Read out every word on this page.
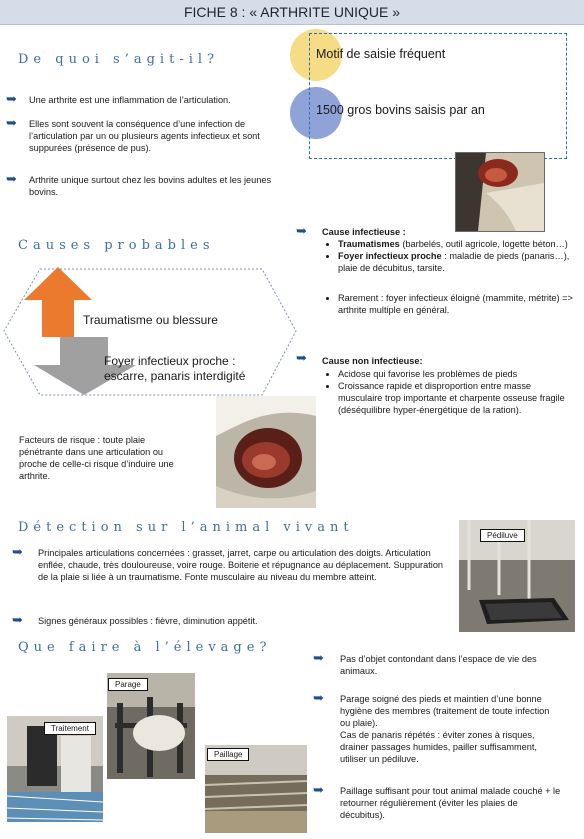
FICHE 8 : « ARTHRITE UNIQUE »
Motif de saisie fréquent
1500 gros bovins saisis par an
De quoi s’agit-il?
➥ Une arthrite est une inflammation de l’articulation.
➥ Elles sont souvent la conséquence d’une infection de l’articulation par un ou plusieurs agents infectieux et sont suppurées (présence de pus).
➥ Arthrite unique surtout chez les bovins adultes et les jeunes bovins.
Causes probables
Traumatisme ou blessure
Foyer infectieux proche : escarre, panaris interdigité
Facteurs de risque : toute plaie pénétrante dans une articulation ou proche de celle-ci risque d’induire une arthrite.
➥ Cause infectieuse :
• Traumatismes (barbelés, outil agricole, logette béton…)
• Foyer infectieux proche : maladie de pieds (panaris…), plaie de décubitus, tarsite.
• Rarement : foyer infectieux éloigné (mammite, métrite) => arthrite multiple en général.
➥ Cause non infectieuse:
• Acidose qui favorise les problèmes de pieds
• Croissance rapide et disproportion entre masse musculaire trop importante et charpente osseuse fragile (déséquilibre hyper-énergétique de la ration).
Détection sur l’animal vivant
Pédiluve
➥ Principales articulations concernées : grasset, jarret, carpe ou articulation des doigts. Articulation enflée, chaude, très douloureuse, voire rouge. Boiterie et répugnance au déplacement. Suppuration de la plaie si liée à un traumatisme. Fonte musculaire au niveau du membre atteint.
➥ Signes généraux possibles : fièvre, diminution appétit.
Que faire à l’élevage?
Traitement
Parage
Paillage
➥ Pas d’objet contondant dans l’espace de vie des animaux.
➥ Parage soigné des pieds et maintien d’une bonne hygiène des membres (traitement de toute infection ou plaie).
Cas de panaris répétés : éviter zones à risques, drainer passages humides, pailler suffisamment, utiliser un pédiluve.
➥ Paillage suffisant pour tout animal malade couché + le retourner régulièrement (éviter les plaies de décubitus).
